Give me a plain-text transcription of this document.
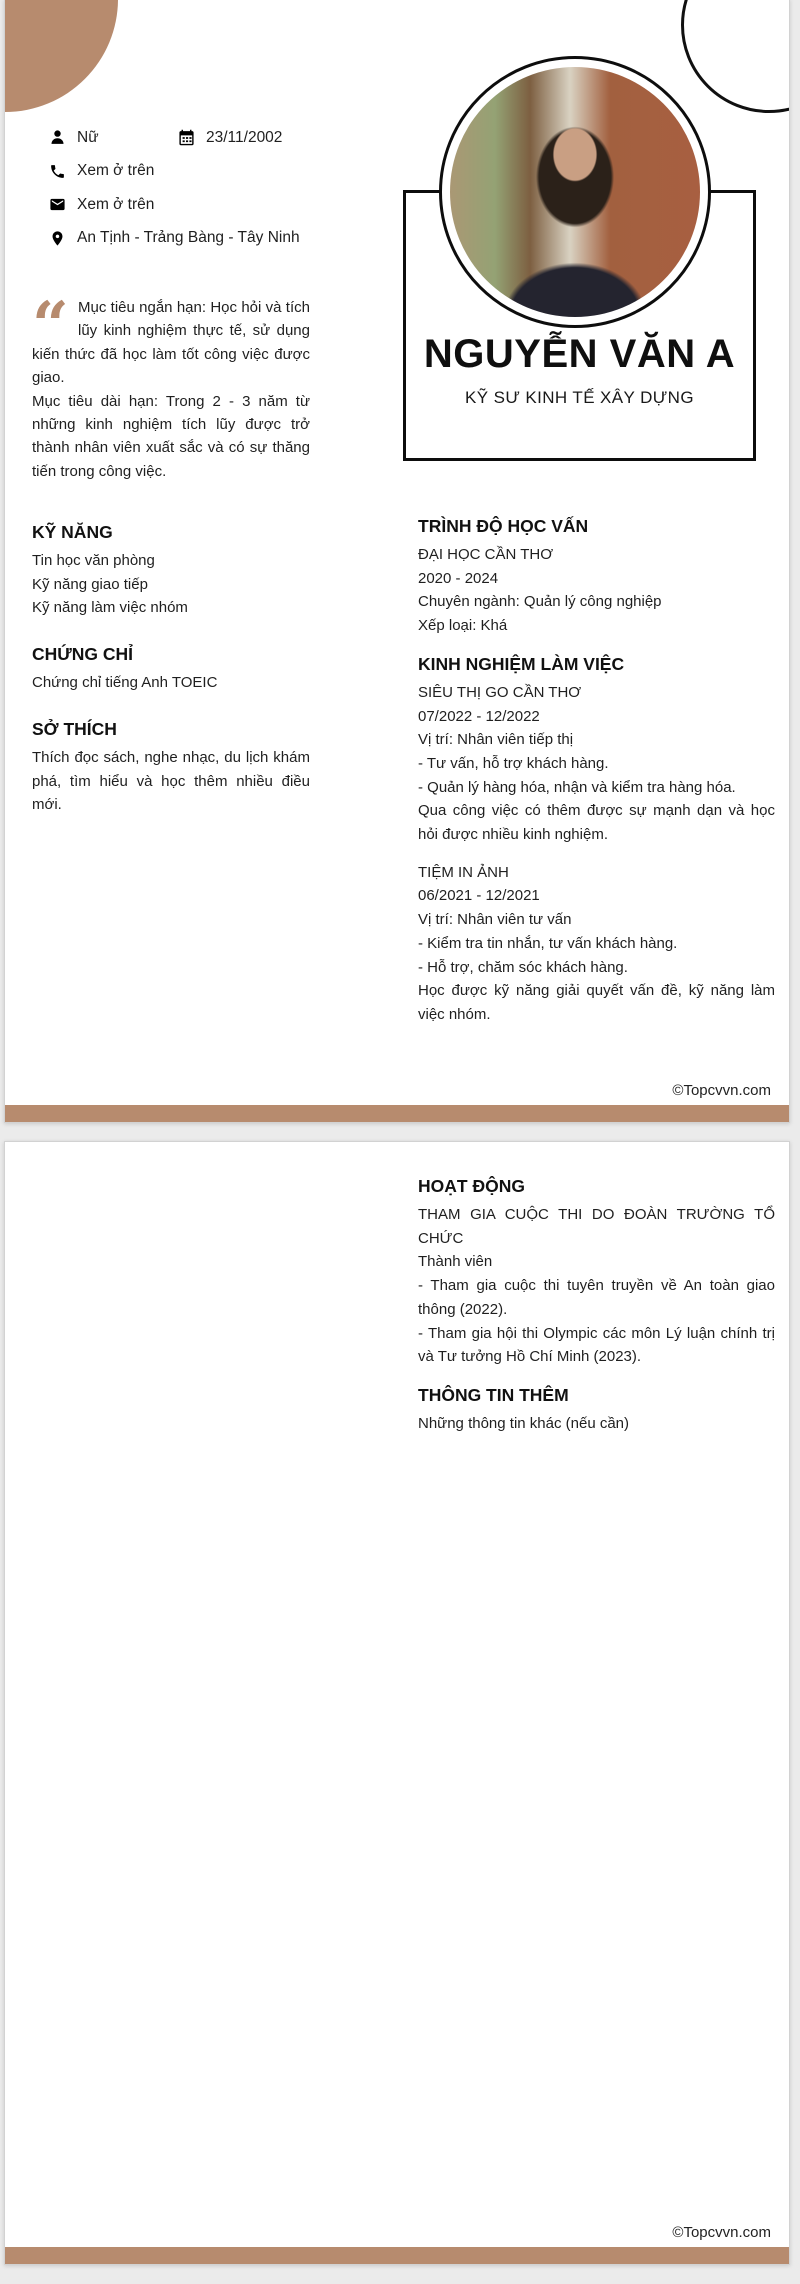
Nữ	23/11/2002
Xem ở trên
Xem ở trên
An Tịnh - Trảng Bàng - Tây Ninh
NGUYỄN VĂN A
KỸ SƯ KINH TẾ XÂY DỰNG
“ Mục tiêu ngắn hạn: Học hỏi và tích lũy kinh nghiệm thực tế, sử dụng kiến thức đã học làm tốt công việc được giao.

Mục tiêu dài hạn: Trong 2 - 3 năm từ những kinh nghiệm tích lũy được trở thành nhân viên xuất sắc và có sự thăng tiến trong công việc.

KỸ NĂNG
Tin học văn phòng
Kỹ năng giao tiếp
Kỹ năng làm việc nhóm
CHỨNG CHỈ
Chứng chỉ tiếng Anh TOEIC
SỞ THÍCH

Thích đọc sách, nghe nhạc, du lịch khám phá, tìm hiểu và học thêm nhiều điều mới.

TRÌNH ĐỘ HỌC VẤN
ĐẠI HỌC CẦN THƠ
2020 - 2024
Chuyên ngành: Quản lý công nghiệp
Xếp loại: Khá
KINH NGHIỆM LÀM VIỆC
SIÊU THỊ GO CẦN THƠ
07/2022 - 12/2022
Vị trí: Nhân viên tiếp thị
- Tư vấn, hỗ trợ khách hàng.
- Quản lý hàng hóa, nhận và kiểm tra hàng hóa.

Qua công việc có thêm được sự mạnh dạn và học hỏi được nhiều kinh nghiệm.

TIỆM IN ẢNH
06/2021 - 12/2021
Vị trí: Nhân viên tư vấn
- Kiểm tra tin nhắn, tư vấn khách hàng.
- Hỗ trợ, chăm sóc khách hàng.

Học được kỹ năng giải quyết vấn đề, kỹ năng làm việc nhóm.

©Topcvvn.com
HOẠT ĐỘNG

THAM GIA CUỘC THI DO ĐOÀN TRƯỜNG TỔ CHỨC

Thành viên

- Tham gia cuộc thi tuyên truyền về An toàn giao thông (2022).

- Tham gia hội thi Olympic các môn Lý luận chính trị và Tư tưởng Hồ Chí Minh (2023).

THÔNG TIN THÊM

Những thông tin khác (nếu cần)

©Topcvvn.com
